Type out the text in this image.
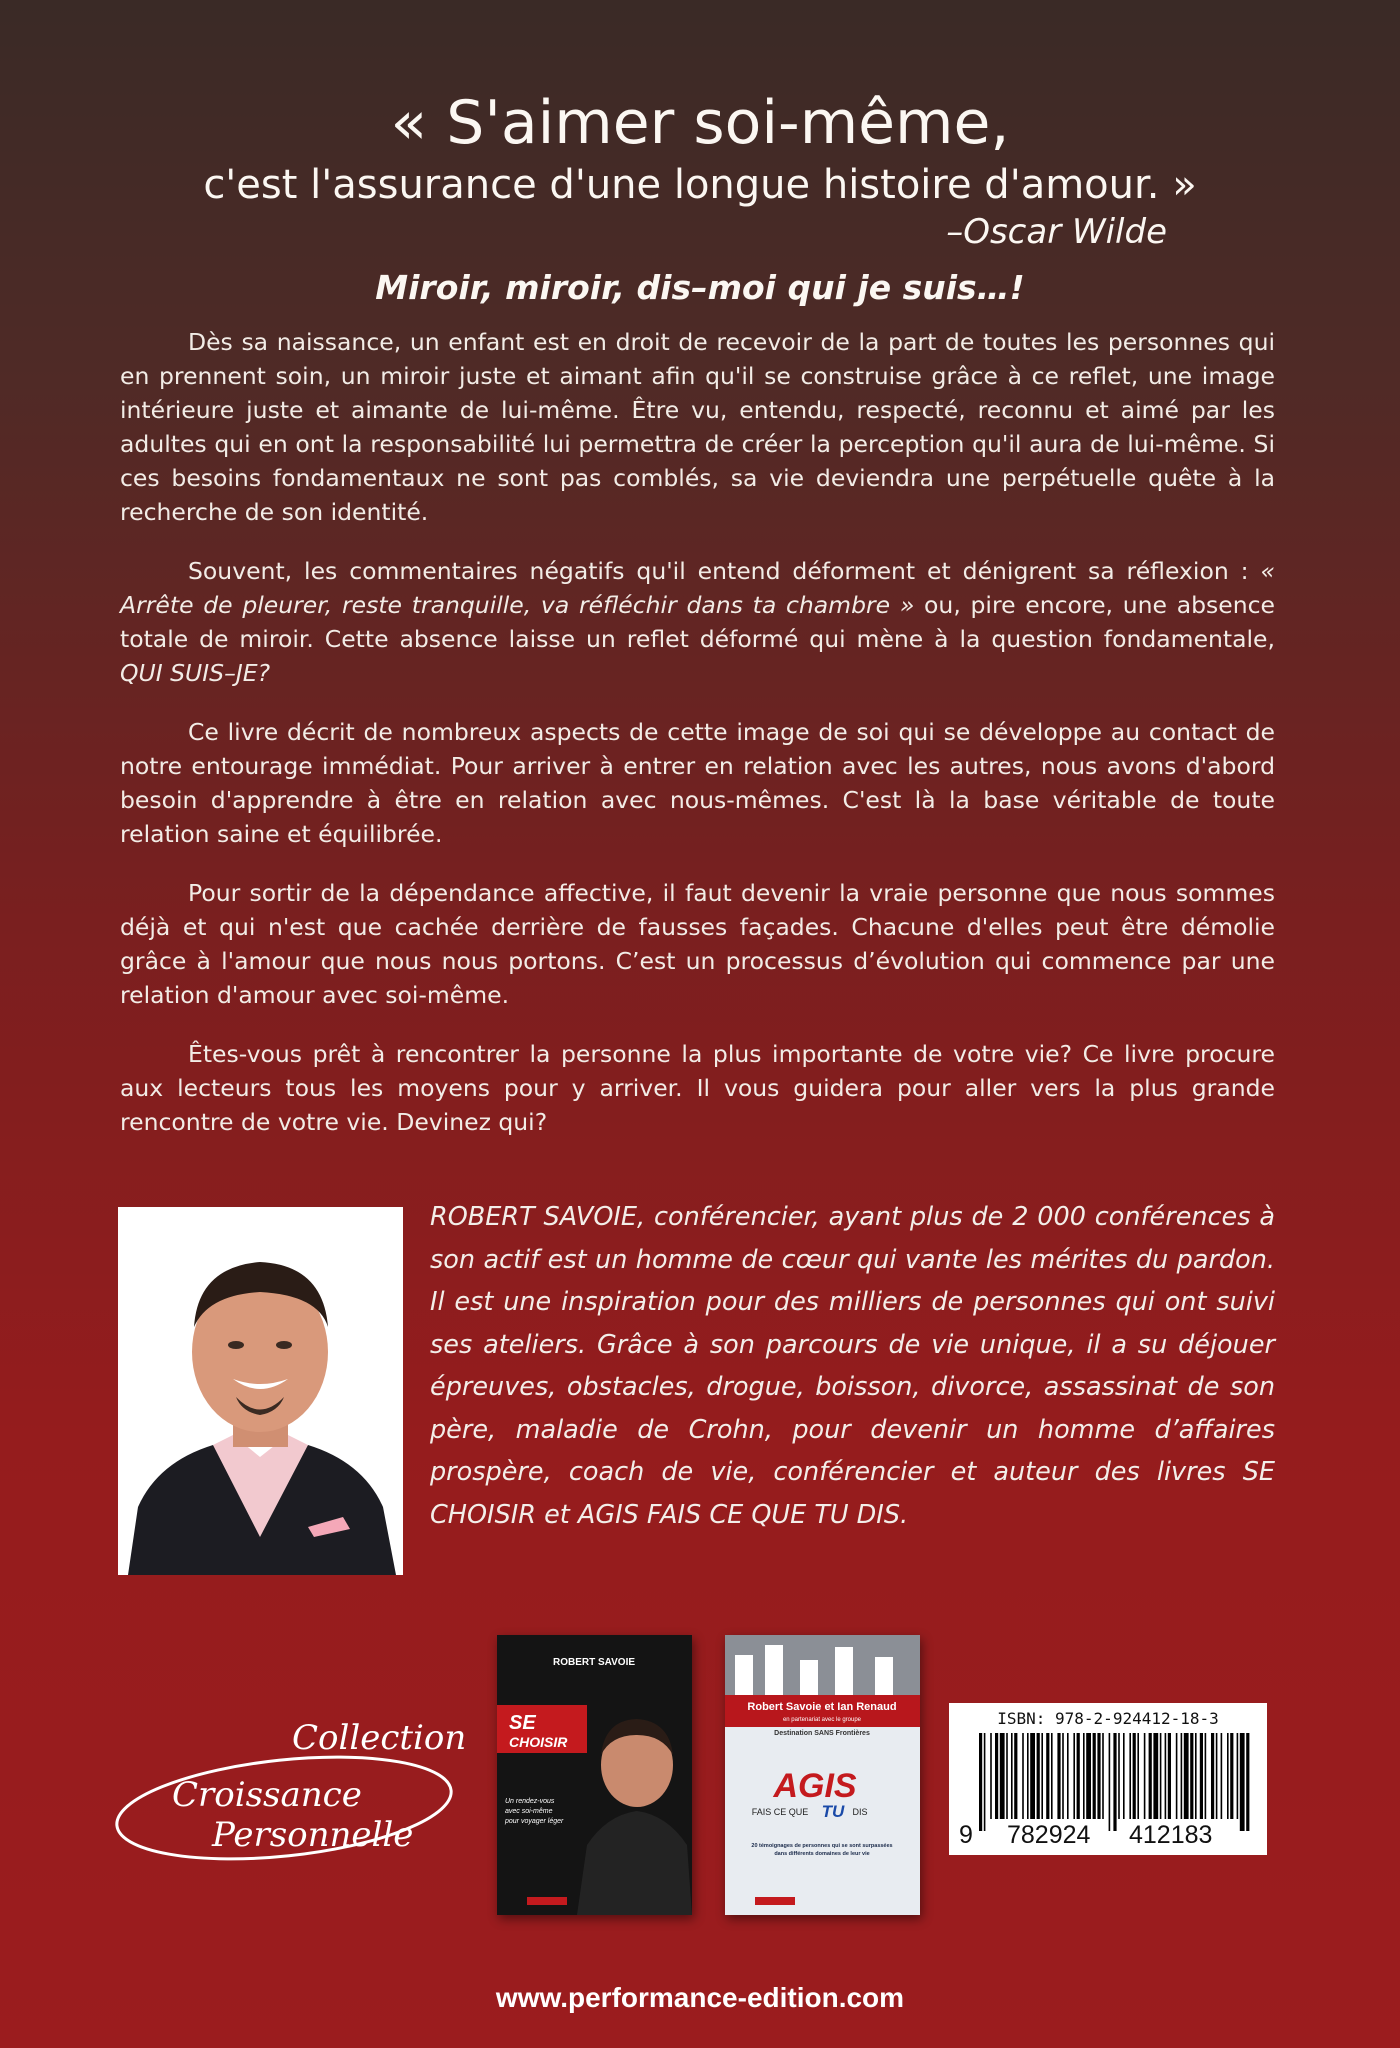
« S'aimer soi-même,
c'est l'assurance d'une longue histoire d'amour. »
–Oscar Wilde
Miroir, miroir, dis–moi qui je suis…!

Dès sa naissance, un enfant est en droit de recevoir de la part de toutes les personnes qui en prennent soin, un miroir juste et aimant afin qu'il se construise grâce à ce reflet, une image intérieure juste et aimante de lui-même. Être vu, entendu, respecté, reconnu et aimé par les adultes qui en ont la responsabilité lui permettra de créer la perception qu'il aura de lui-même. Si ces besoins fondamentaux ne sont pas comblés, sa vie deviendra une perpétuelle quête à la recherche de son identité.

Souvent, les commentaires négatifs qu'il entend déforment et dénigrent sa réflexion : « Arrête de pleurer, reste tranquille, va réfléchir dans ta chambre » ou, pire encore, une absence totale de miroir. Cette absence laisse un reflet déformé qui mène à la question fondamentale, QUI SUIS–JE?

Ce livre décrit de nombreux aspects de cette image de soi qui se développe au contact de notre entourage immédiat. Pour arriver à entrer en relation avec les autres, nous avons d'abord besoin d'apprendre à être en relation avec nous-mêmes. C'est là la base véritable de toute relation saine et équilibrée.

Pour sortir de la dépendance affective, il faut devenir la vraie personne que nous sommes déjà et qui n'est que cachée derrière de fausses façades. Chacune d'elles peut être démolie grâce à l'amour que nous nous portons. C’est un processus d’évolution qui commence par une relation d'amour avec soi-même.

Êtes-vous prêt à rencontrer la personne la plus importante de votre vie? Ce livre procure aux lecteurs tous les moyens pour y arriver. Il vous guidera pour aller vers la plus grande rencontre de votre vie. Devinez qui?

ROBERT SAVOIE, conférencier, ayant plus de 2 000 conférences à son actif est un homme de cœur qui vante les mérites du pardon. Il est une inspiration pour des milliers de personnes qui ont suivi ses ateliers. Grâce à son parcours de vie unique, il a su déjouer épreuves, obstacles, drogue, boisson, divorce, assassinat de son père, maladie de Crohn, pour devenir un homme d’affaires prospère, coach de vie, conférencier et auteur des livres SE CHOISIR et AGIS FAIS CE QUE TU DIS.
Croissance
Personnelle
Collection
ROBERT SAVOIE
SE
CHOISIR
Un rendez-vous
avec soi-même
pour voyager léger
Robert Savoie et Ian Renaud
en partenariat avec le groupe
Destination SANS Frontières
AGIS
FAIS CE QUE TU DIS
20 témoignages de personnes qui se sont surpassées
dans différents domaines de leur vie
ISBN: 978-2-924412-18-3
9 782924 412183
www.performance-edition.com
